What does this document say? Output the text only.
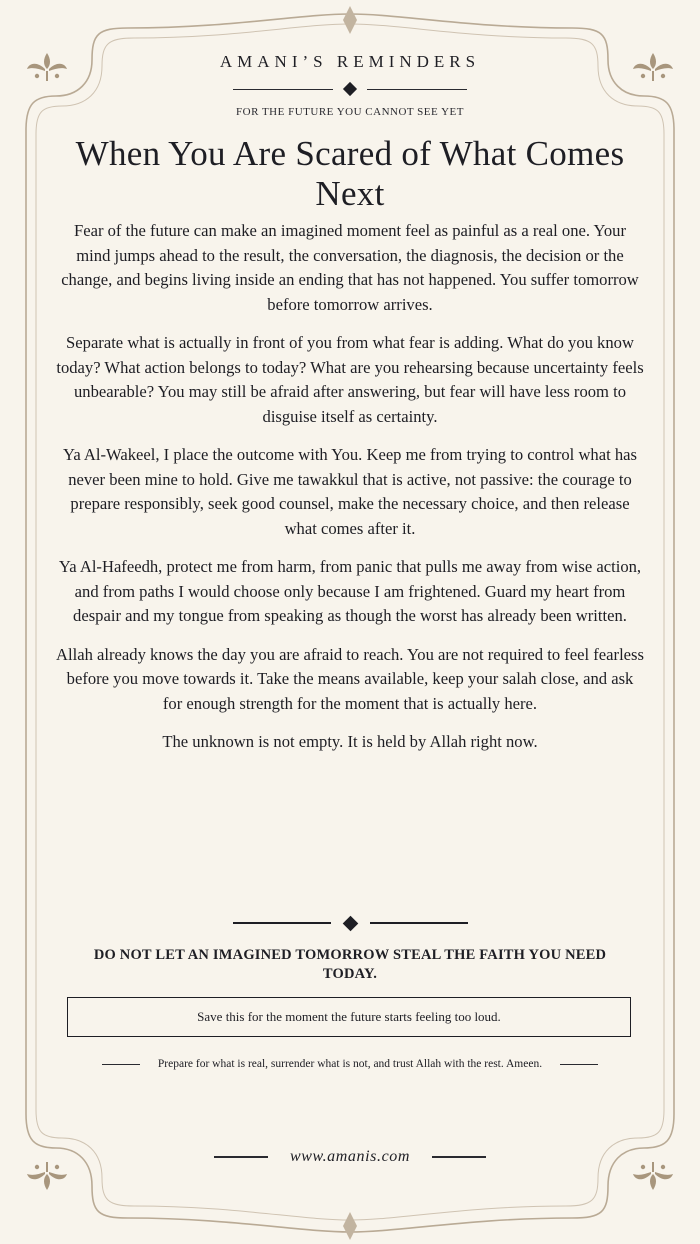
AMANI’S REMINDERS
FOR THE FUTURE YOU CANNOT SEE YET
When You Are Scared of What Comes Next

Fear of the future can make an imagined moment feel as painful as a real one. Your mind jumps ahead to the result, the conversation, the diagnosis, the decision or the change, and begins living inside an ending that has not happened. You suffer tomorrow before tomorrow arrives.

Separate what is actually in front of you from what fear is adding. What do you know today? What action belongs to today? What are you rehearsing because uncertainty feels unbearable? You may still be afraid after answering, but fear will have less room to disguise itself as certainty.

Ya Al-Wakeel, I place the outcome with You. Keep me from trying to control what has never been mine to hold. Give me tawakkul that is active, not passive: the courage to prepare responsibly, seek good counsel, make the necessary choice, and then release what comes after it.

Ya Al-Hafeedh, protect me from harm, from panic that pulls me away from wise action, and from paths I would choose only because I am frightened. Guard my heart from despair and my tongue from speaking as though the worst has already been written.

Allah already knows the day you are afraid to reach. You are not required to feel fearless before you move towards it. Take the means available, keep your salah close, and ask for enough strength for the moment that is actually here.

The unknown is not empty. It is held by Allah right now.

DO NOT LET AN IMAGINED TOMORROW STEAL THE FAITH YOU NEED TODAY.
Save this for the moment the future starts feeling too loud.
Prepare for what is real, surrender what is not, and trust Allah with the rest. Ameen.
www.amanis.com
